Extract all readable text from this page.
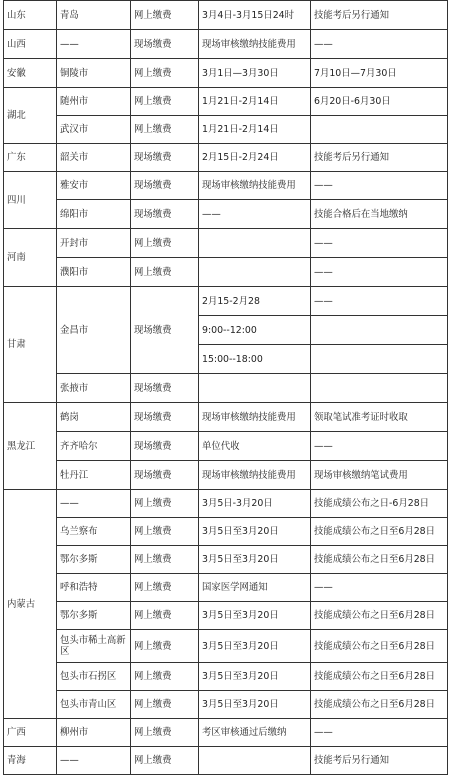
山东	青岛	网上缴费	3月4日-3月15日24时	技能考后另行通知
山西	——	现场缴费	现场审核缴纳技能费用	——
安徽	铜陵市	网上缴费	3月1日—3月30日	7月10日—7月30日
湖北	随州市	网上缴费	1月21日-2月14日	6月20日-6月30日
	武汉市	网上缴费	1月21日-2月14日	
广东	韶关市	现场缴费	2月15日-2月24日	技能考后另行通知
四川	雅安市	现场缴费	现场审核缴纳技能费用	——
	绵阳市	现场缴费	——	技能合格后在当地缴纳
河南	开封市	网上缴费		——
	濮阳市	网上缴费		——
甘肃	金昌市	现场缴费	2月15-2月28	——
			9:00--12:00	
			15:00--18:00	
	张掖市	现场缴费		
黑龙江	鹤岗	现场缴费	现场审核缴纳技能费用	领取笔试准考证时收取
	齐齐哈尔	现场缴费	单位代收	——
	牡丹江	现场缴费	现场审核缴纳技能费用	现场审核缴纳笔试费用
内蒙古	——	网上缴费	3月5日-3月20日	技能成绩公布之日-6月28日
	乌兰察布	网上缴费	3月5日至3月20日	技能成绩公布之日至6月28日
	鄂尔多斯	网上缴费	3月5日至3月20日	技能成绩公布之日至6月28日
	呼和浩特	网上缴费	国家医学网通知	——
	鄂尔多斯	网上缴费	3月5日至3月20日	技能成绩公布之日至6月28日
	包头市稀土高新区	网上缴费	3月5日至3月20日	技能成绩公布之日至6月28日
	包头市石拐区	网上缴费	3月5日至3月20日	技能成绩公布之日至6月28日
	包头市青山区	网上缴费	3月5日至3月20日	技能成绩公布之日至6月28日
广西	柳州市	网上缴费	考区审核通过后缴纳	——
青海	——	网上缴费		技能考后另行通知
